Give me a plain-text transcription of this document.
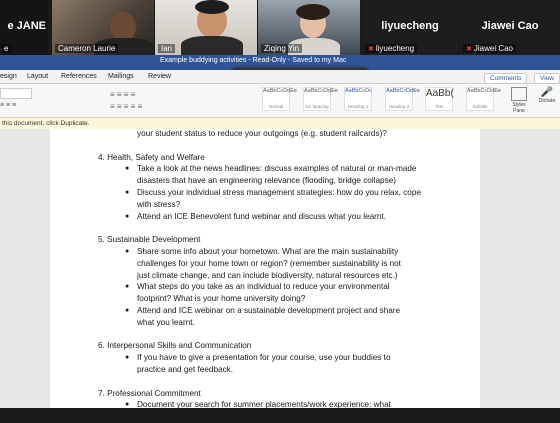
e JANE
e	Cameron Laurie	Ian	Ziqing Yin
liyuecheng
✖ liyuecheng
Jiawei Cao
✖ Jiawei Cao
Example buddying activities - Read-Only - Saved to my Mac
esign Layout References Mailings Review	Comments	View
≡ ≡ ≡
≡ ≡ ≡ ≡
≡ ≡ ≡ ≡ ≡
AaBbCcDdEe
Normal
AaBbCcDdEe
No Spacing
AaBbCcDc
Heading 1
AaBbCcDdEe
Heading 2
AaBb(
Title
AaBbCcDdEe
Subtitle	Styles Pane
🎤
Dictate
this document, click Duplicate.
your student status to reduce your outgoings (e.g. student railcards)?
4. Health, Safety and Welfare
Take a look at the news headlines: discuss examples of natural or man-made
●
disasters that have an engineering relevance (flooding, bridge collapse)
Discuss your individual stress management strategies: how do you relax, cope
●
with stress?
Attend an ICE Benevolent fund webinar and discuss what you learnt.
●
5. Sustainable Development
Share some info about your hometown. What are the main sustainability
●
challenges for your home town or region? (remember sustainability is not
just climate change, and can include biodiversity, natural resources etc.)
What steps do you take as an individual to reduce your environmental
●
footprint? What is your home university doing?
Attend and ICE webinar on a sustainable development project and share
●
what you learnt.
6. Interpersonal Skills and Communication
If you have to give a presentation for your course, use your buddies to
●
practice and get feedback.
7. Professional Commitment
Document your search for summer placements/work experience: what
●
worked well and what didn't?
